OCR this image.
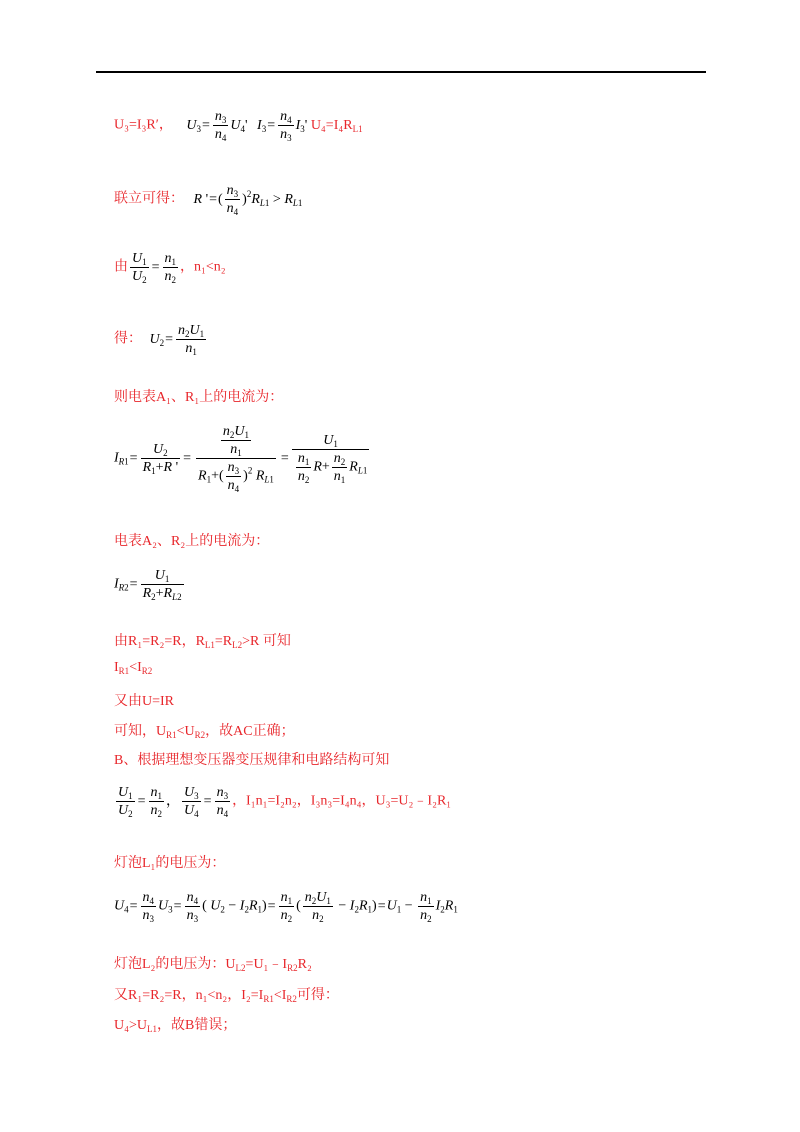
U₃=I₃R′， $U_3= \frac{n_3}{n_4} U_4'$ $I_3= \frac{n_4}{n_3} I_3'$ $U_4=I_4R_{L1}$
联立可得： R '=( $\frac{n_3}{n_4} )^2R_{L1} > R_{L1}$
由 $\frac{U_1}{U_2} = \frac{n_1}{n_2}$ ，n₁<n₂
得： $U_2= \frac{n_2U_1}{n_1}$
则电表A₁、R₁上的电流为：
$I_{R1}= \frac{U_2}{R_1+R '} = \frac{\frac{n_2U_1}{n_1}}{R_1+( \frac{n_3}{n_4} )^2 R_{L1}} = \frac{U_1}{\frac{n_1}{n_2} R+ \frac{n_2}{n_1} R_{L1}}$
电表A₂、R₂上的电流为：
$I_{R2}= \frac{U_1}{R_2+R_{L2}}$
由R₁=R₂=R，$R_{L1}=R_{L2}>R$ 可知
$I_{R1}<I_{R2}$
又由U=IR
可知，$U_{R1}<U_{R2}$，故AC正确；
B、根据理想变压器变压规律和电路结构可知
$\frac{U_1}{U_2} = \frac{n_1}{n_2}$ ， $\frac{U_3}{U_4} = \frac{n_3}{n_4}$ ，I₁n₁=I₂n₂，I₃n₃=I₄n₄，U₃=U₂﹣I₂R₁
灯泡L₁的电压为：
$U_4= \frac{n_4}{n_3} U_3= \frac{n_4}{n_3}$ ( $U_2 - I_2R_1)= \frac{n_1}{n_2}$ ( $\frac{n_2U_1}{n_2} - I_2R_1)=U_1 - \frac{n_1}{n_2} I_2R_1$
灯泡L₂的电压为：$U_{L2}=U_1﹣I_{R2}R_2$
又R₁=R₂=R，n₁<n₂，$I_2=I_{R1}<I_{R2}$可得：
$U_4>U_{L1}$，故B错误；
